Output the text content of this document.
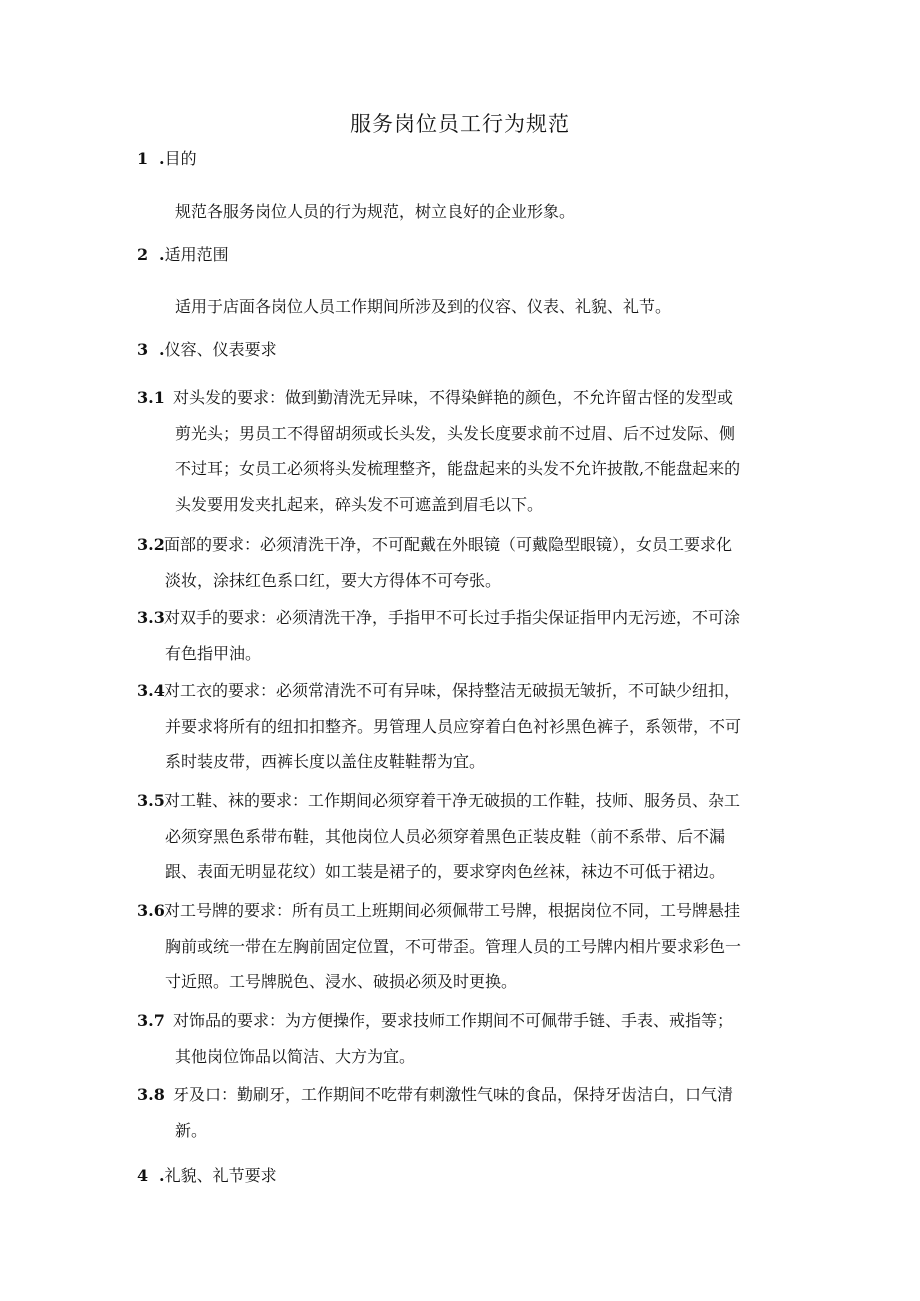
服务岗位员工行为规范
1 .目的
规范各服务岗位人员的行为规范，树立良好的企业形象。
2 .适用范围
适用于店面各岗位人员工作期间所涉及到的仪容、仪表、礼貌、礼节。
3 .仪容、仪表要求
3.1 对头发的要求：做到勤清洗无异味，不得染鲜艳的颜色，不允许留古怪的发型或
剪光头；男员工不得留胡须或长头发，头发长度要求前不过眉、后不过发际、侧
不过耳；女员工必须将头发梳理整齐，能盘起来的头发不允许披散,不能盘起来的
头发要用发夹扎起来，碎头发不可遮盖到眉毛以下。
3.2面部的要求：必须清洗干净，不可配戴在外眼镜（可戴隐型眼镜），女员工要求化
淡妆，涂抹红色系口红，要大方得体不可夸张。
3.3对双手的要求：必须清洗干净，手指甲不可长过手指尖保证指甲内无污迹，不可涂
有色指甲油。
3.4对工衣的要求：必须常清洗不可有异味，保持整洁无破损无皱折，不可缺少纽扣，
并要求将所有的纽扣扣整齐。男管理人员应穿着白色衬衫黑色裤子，系领带，不可
系时装皮带，西裤长度以盖住皮鞋鞋帮为宜。
3.5对工鞋、袜的要求：工作期间必须穿着干净无破损的工作鞋，技师、服务员、杂工
必须穿黑色系带布鞋，其他岗位人员必须穿着黑色正装皮鞋（前不系带、后不漏
跟、表面无明显花纹）如工装是裙子的，要求穿肉色丝袜，袜边不可低于裙边。
3.6对工号牌的要求：所有员工上班期间必须佩带工号牌，根据岗位不同，工号牌悬挂
胸前或统一带在左胸前固定位置，不可带歪。管理人员的工号牌内相片要求彩色一
寸近照。工号牌脱色、浸水、破损必须及时更换。
3.7 对饰品的要求：为方便操作，要求技师工作期间不可佩带手链、手表、戒指等；
其他岗位饰品以简洁、大方为宜。
3.8 牙及口：勤刷牙，工作期间不吃带有刺激性气味的食品，保持牙齿洁白，口气清
新。
4 .礼貌、礼节要求
